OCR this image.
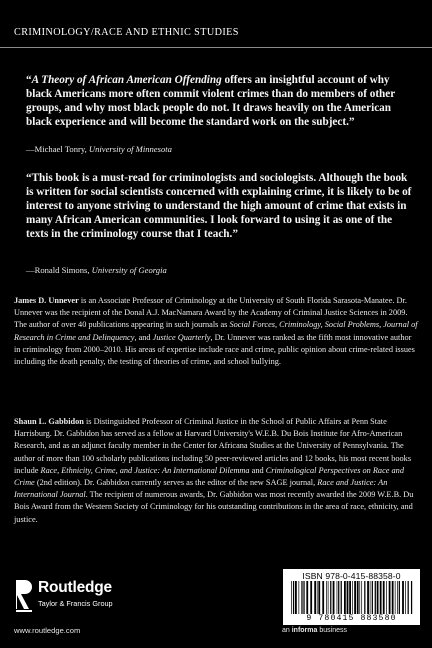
CRIMINOLOGY/RACE AND ETHNIC STUDIES
“A Theory of African American Offending offers an insightful account of why black Americans more often commit violent crimes than do members of other groups, and why most black people do not. It draws heavily on the American black experience and will become the standard work on the subject.”
—Michael Tonry, University of Minnesota
“This book is a must-read for criminologists and sociologists. Although the book is written for social scientists concerned with explaining crime, it is likely to be of interest to anyone striving to understand the high amount of crime that exists in many African American communities. I look forward to using it as one of the texts in the criminology course that I teach.”
—Ronald Simons, University of Georgia
James D. Unnever is an Associate Professor of Criminology at the University of South Florida Sarasota-Manatee. Dr. Unnever was the recipient of the Donal A.J. MacNamara Award by the Academy of Criminal Justice Sciences in 2009. The author of over 40 publications appearing in such journals as Social Forces, Criminology, Social Problems, Journal of Research in Crime and Delinquency, and Justice Quarterly, Dr. Unnever was ranked as the fifth most innovative author in criminology from 2000–2010. His areas of expertise include race and crime, public opinion about crime-related issues including the death penalty, the testing of theories of crime, and school bullying.
Shaun L. Gabbidon is Distinguished Professor of Criminal Justice in the School of Public Affairs at Penn State Harrisburg. Dr. Gabbidon has served as a fellow at Harvard University's W.E.B. Du Bois Institute for Afro-American Research, and as an adjunct faculty member in the Center for Africana Studies at the University of Pennsylvania. The author of more than 100 scholarly publications including 50 peer-reviewed articles and 12 books, his most recent books include Race, Ethnicity, Crime, and Justice: An International Dilemma and Criminological Perspectives on Race and Crime (2nd edition). Dr. Gabbidon currently serves as the editor of the new SAGE journal, Race and Justice: An International Journal. The recipient of numerous awards, Dr. Gabbidon was most recently awarded the 2009 W.E.B. Du Bois Award from the Western Society of Criminology for his outstanding contributions in the area of race, ethnicity, and justice.
Routledge
Taylor & Francis Group
www.routledge.com
ISBN 978-0-415-88358-0
9 780415 883580
an informa business
